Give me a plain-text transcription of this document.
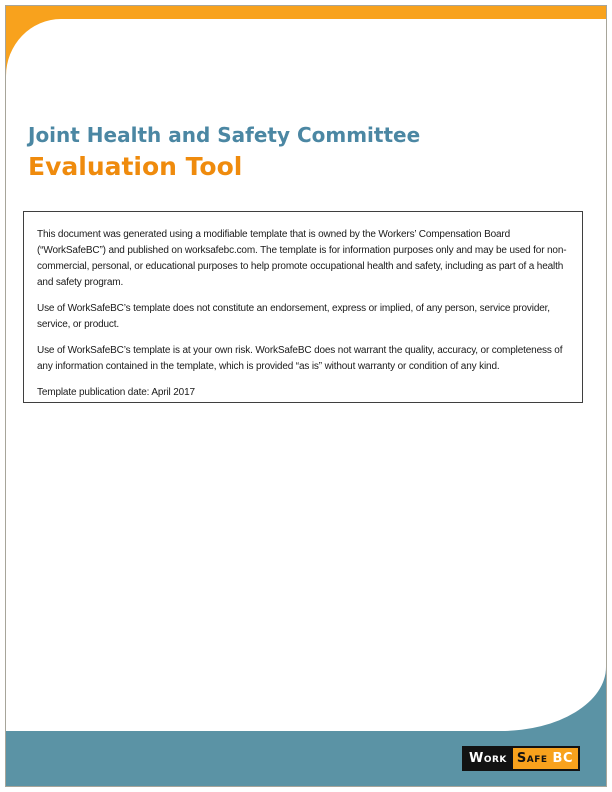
Joint Health and Safety Committee
Evaluation Tool

This document was generated using a modifiable template that is owned by the Workers’ Compensation Board (“WorkSafeBC”) and published on worksafebc.com. The template is for information purposes only and may be used for non-commercial, personal, or educational purposes to help promote occupational health and safety, including as part of a health and safety program.

Use of WorkSafeBC’s template does not constitute an endorsement, express or implied, of any person, service provider, service, or product.

Use of WorkSafeBC’s template is at your own risk. WorkSafeBC does not warrant the quality, accuracy, or completeness of any information contained in the template, which is provided “as is” without warranty or condition of any kind.

Template publication date: April 2017

Work Safe BC
